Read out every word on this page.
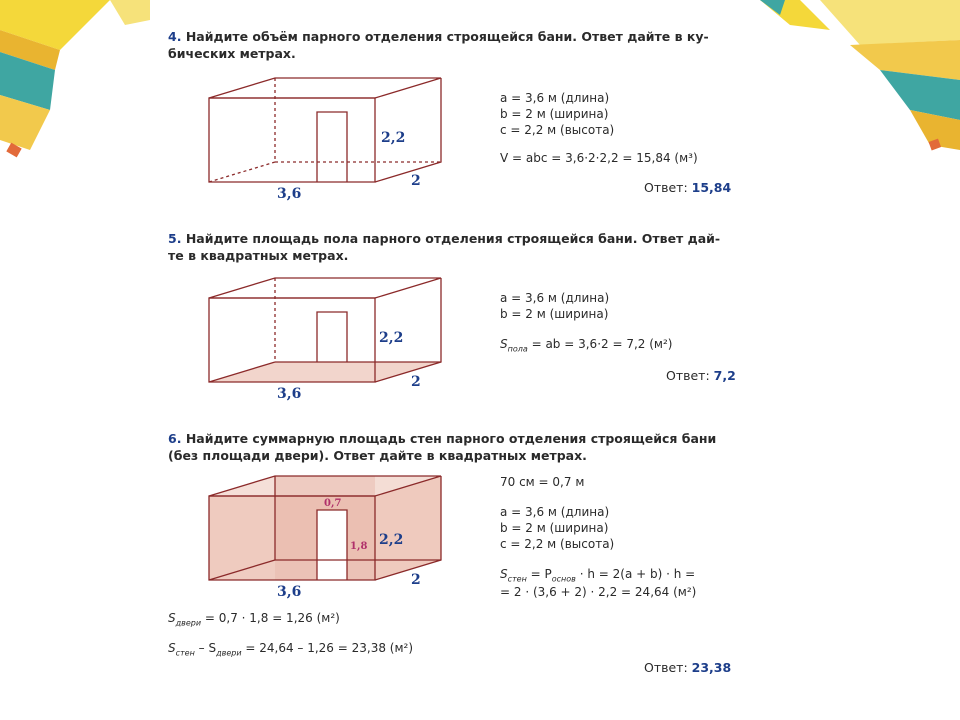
4. Найдите объём парного отделения строящейся бани. Ответ дайте в ку-
бических метрах.
2,2
3,6
2
a = 3,6 м (длина)
b = 2 м (ширина)
c = 2,2 м (высота)
V = abc = 3,6·2·2,2 = 15,84 (м³)
Ответ: 15,84
5. Найдите площадь пола парного отделения строящейся бани. Ответ дай-
те в квадратных метрах.
2,2
3,6
2
a = 3,6 м (длина)
b = 2 м (ширина)
$S_{пола}$ = ab = 3,6·2 = 7,2 (м²)
Ответ: 7,2
6. Найдите суммарную площадь стен парного отделения строящейся бани
(без площади двери). Ответ дайте в квадратных метрах.
0,7
1,8 2,2
3,6
2
70 см = 0,7 м
a = 3,6 м (длина)
b = 2 м (ширина)
c = 2,2 м (высота)
$S_{стен} = P_{основ} \cdot h = 2(a + b) \cdot h$ =
= 2 · (3,6 + 2) · 2,2 = 24,64 (м²)
$S_{двери} = 0,7 \cdot 1,8 = 1,26$ (м²)
$S_{стен} - S_{двери} = 24,64 - 1,26 = 23,38$ (м²)
Ответ: 23,38
